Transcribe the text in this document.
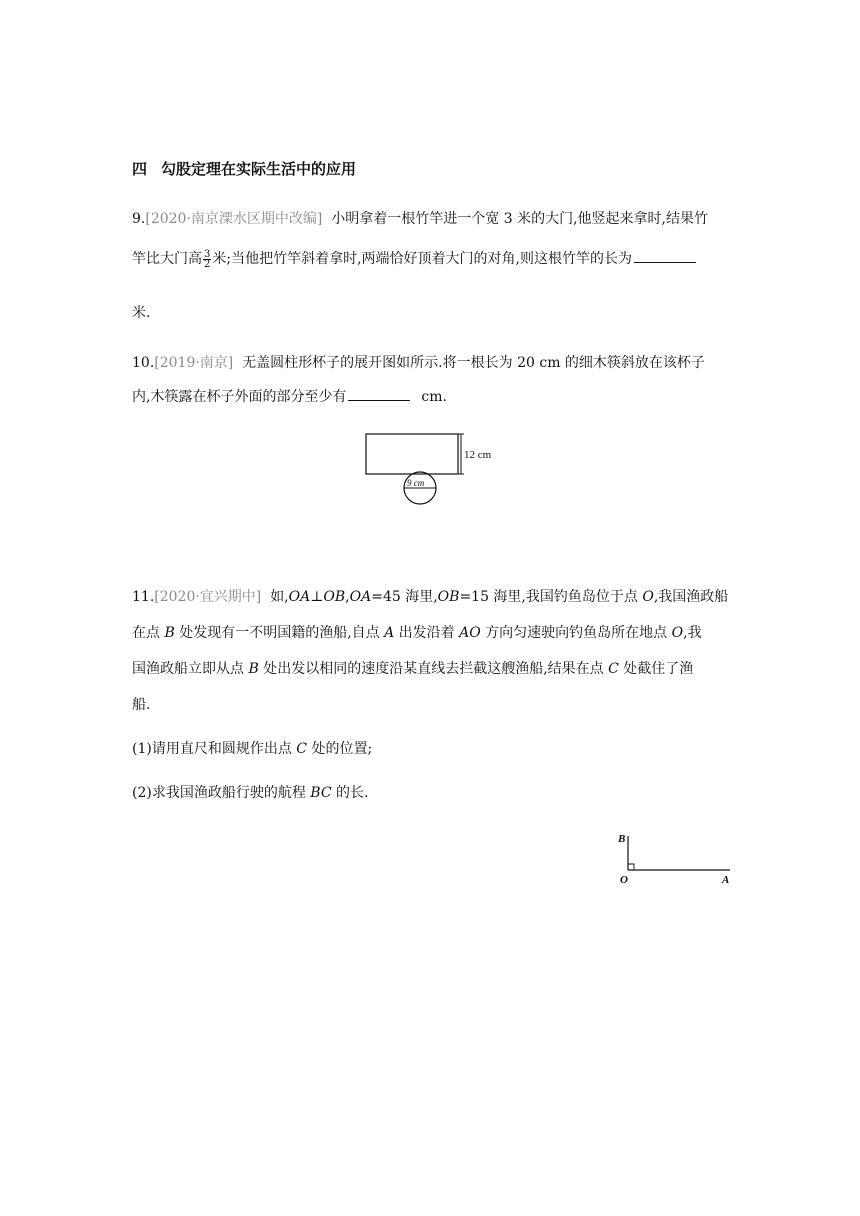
四 勾股定理在实际生活中的应用
9.[2020·南京溧水区期中改编] 小明拿着一根竹竿进一个宽 3 米的大门,他竖起来拿时,结果竹
竿比大门高 $\frac{3}{2}$ 米;当他把竹竿斜着拿时,两端恰好顶着大门的对角,则这根竹竿的长为
米.
10.[2019·南京] 无盖圆柱形杯子的展开图如所示.将一根长为 20 cm 的细木筷斜放在该杯子
内,木筷露在杯子外面的部分至少有	cm.
12 cm
9 cm
11.[2020·宜兴期中] 如,OA⊥OB,OA=45 海里,OB=15 海里,我国钓鱼岛位于点 O,我国渔政船
在点 B 处发现有一不明国籍的渔船,自点 A 出发沿着 AO 方向匀速驶向钓鱼岛所在地点 O,我
国渔政船立即从点 B 处出发以相同的速度沿某直线去拦截这艘渔船,结果在点 C 处截住了渔
船.
(1)请用直尺和圆规作出点 C 处的位置;
(2)求我国渔政船行驶的航程 BC 的长.
B
O	A
